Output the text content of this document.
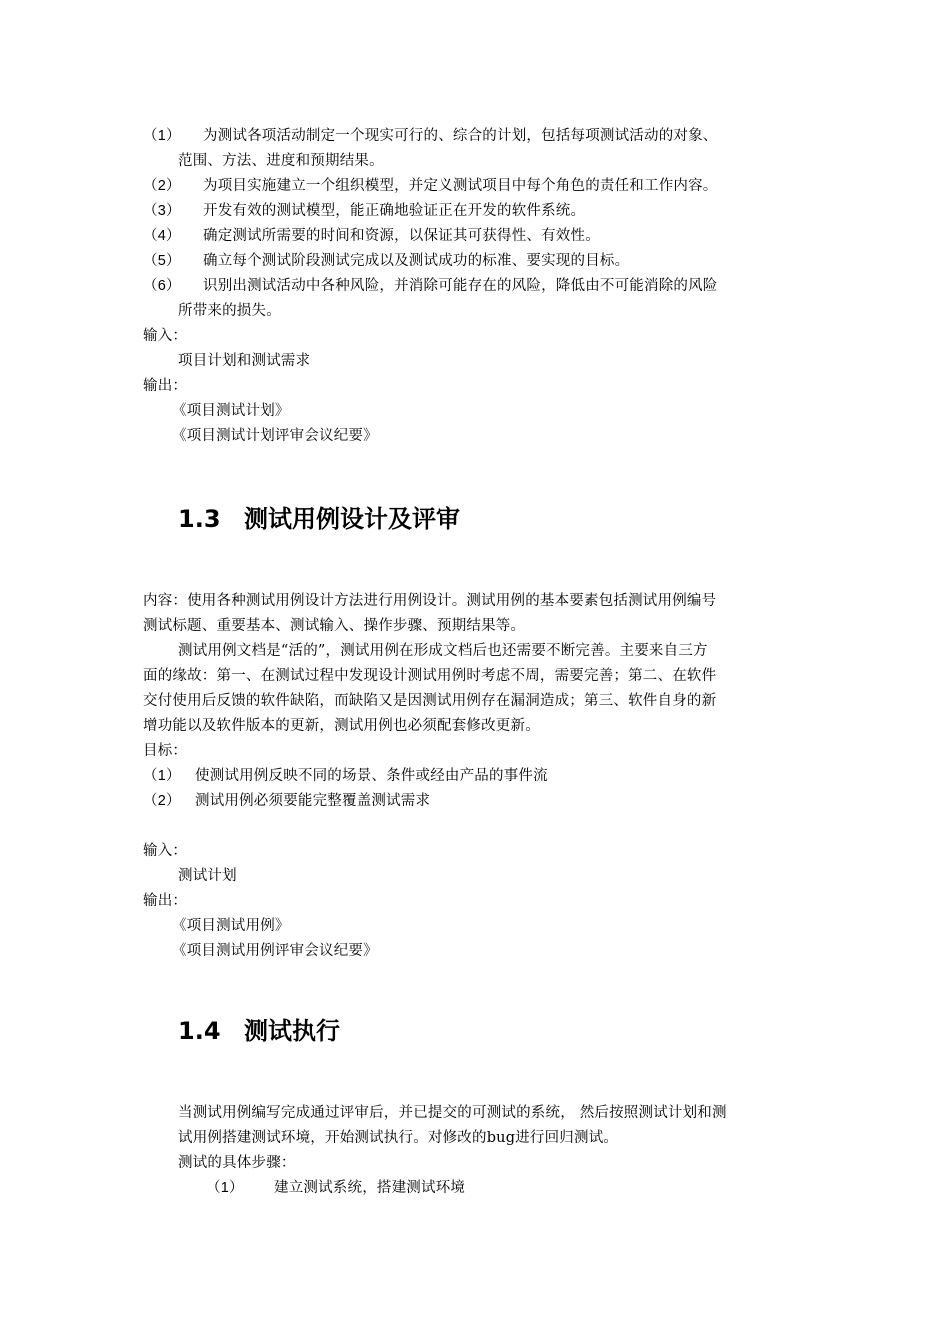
（1） 为测试各项活动制定一个现实可行的、综合的计划，包括每项测试活动的对象、
范围、方法、进度和预期结果。
（2） 为项目实施建立一个组织模型，并定义测试项目中每个角色的责任和工作内容。
（3） 开发有效的测试模型，能正确地验证正在开发的软件系统。
（4） 确定测试所需要的时间和资源，以保证其可获得性、有效性。
（5） 确立每个测试阶段测试完成以及测试成功的标准、要实现的目标。
（6） 识别出测试活动中各种风险，并消除可能存在的风险，降低由不可能消除的风险
所带来的损失。
输入：
项目计划和测试需求
输出：
《项目测试计划》
《项目测试计划评审会议纪要》
1.3 测试用例设计及评审
内容：使用各种测试用例设计方法进行用例设计。测试用例的基本要素包括测试用例编号
测试标题、重要基本、测试输入、操作步骤、预期结果等。
测试用例文档是“活的”，测试用例在形成文档后也还需要不断完善。主要来自三方
面的缘故：第一、在测试过程中发现设计测试用例时考虑不周，需要完善；第二、在软件
交付使用后反馈的软件缺陷，而缺陷又是因测试用例存在漏洞造成；第三、软件自身的新
增功能以及软件版本的更新，测试用例也必须配套修改更新。
目标：
（1） 使测试用例反映不同的场景、条件或经由产品的事件流
（2） 测试用例必须要能完整覆盖测试需求
输入：
测试计划
输出：
《项目测试用例》
《项目测试用例评审会议纪要》
1.4 测试执行
当测试用例编写完成通过评审后，并已提交的可测试的系统， 然后按照测试计划和测
试用例搭建测试环境，开始测试执行。对修改的bug进行回归测试。
测试的具体步骤：
（1） 建立测试系统，搭建测试环境
